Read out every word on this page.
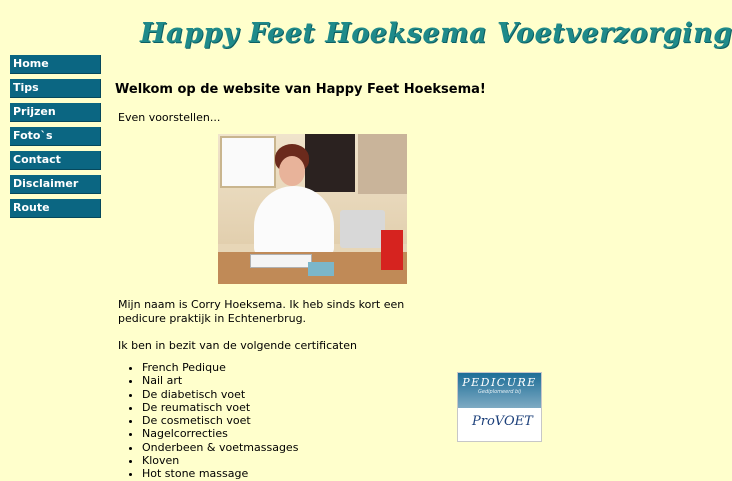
Happy Feet Hoeksema Voetverzorging
Home
Tips
Prijzen
Foto`s
Contact
Disclaimer
Route
Welkom op de website van Happy Feet Hoeksema!
Even voorstellen...
Mijn naam is Corry Hoeksema. Ik heb sinds kort een pedicure praktijk in Echtenerbrug.
Ik ben in bezit van de volgende certificaten
• French Pedique
• Nail art
• De diabetisch voet
• De reumatisch voet
• De cosmetisch voet
• Nagelcorrecties
• Onderbeen & voetmassages
• Kloven
• Hot stone massage
PEDICURE
Gediplomeerd bij
ProVOET
